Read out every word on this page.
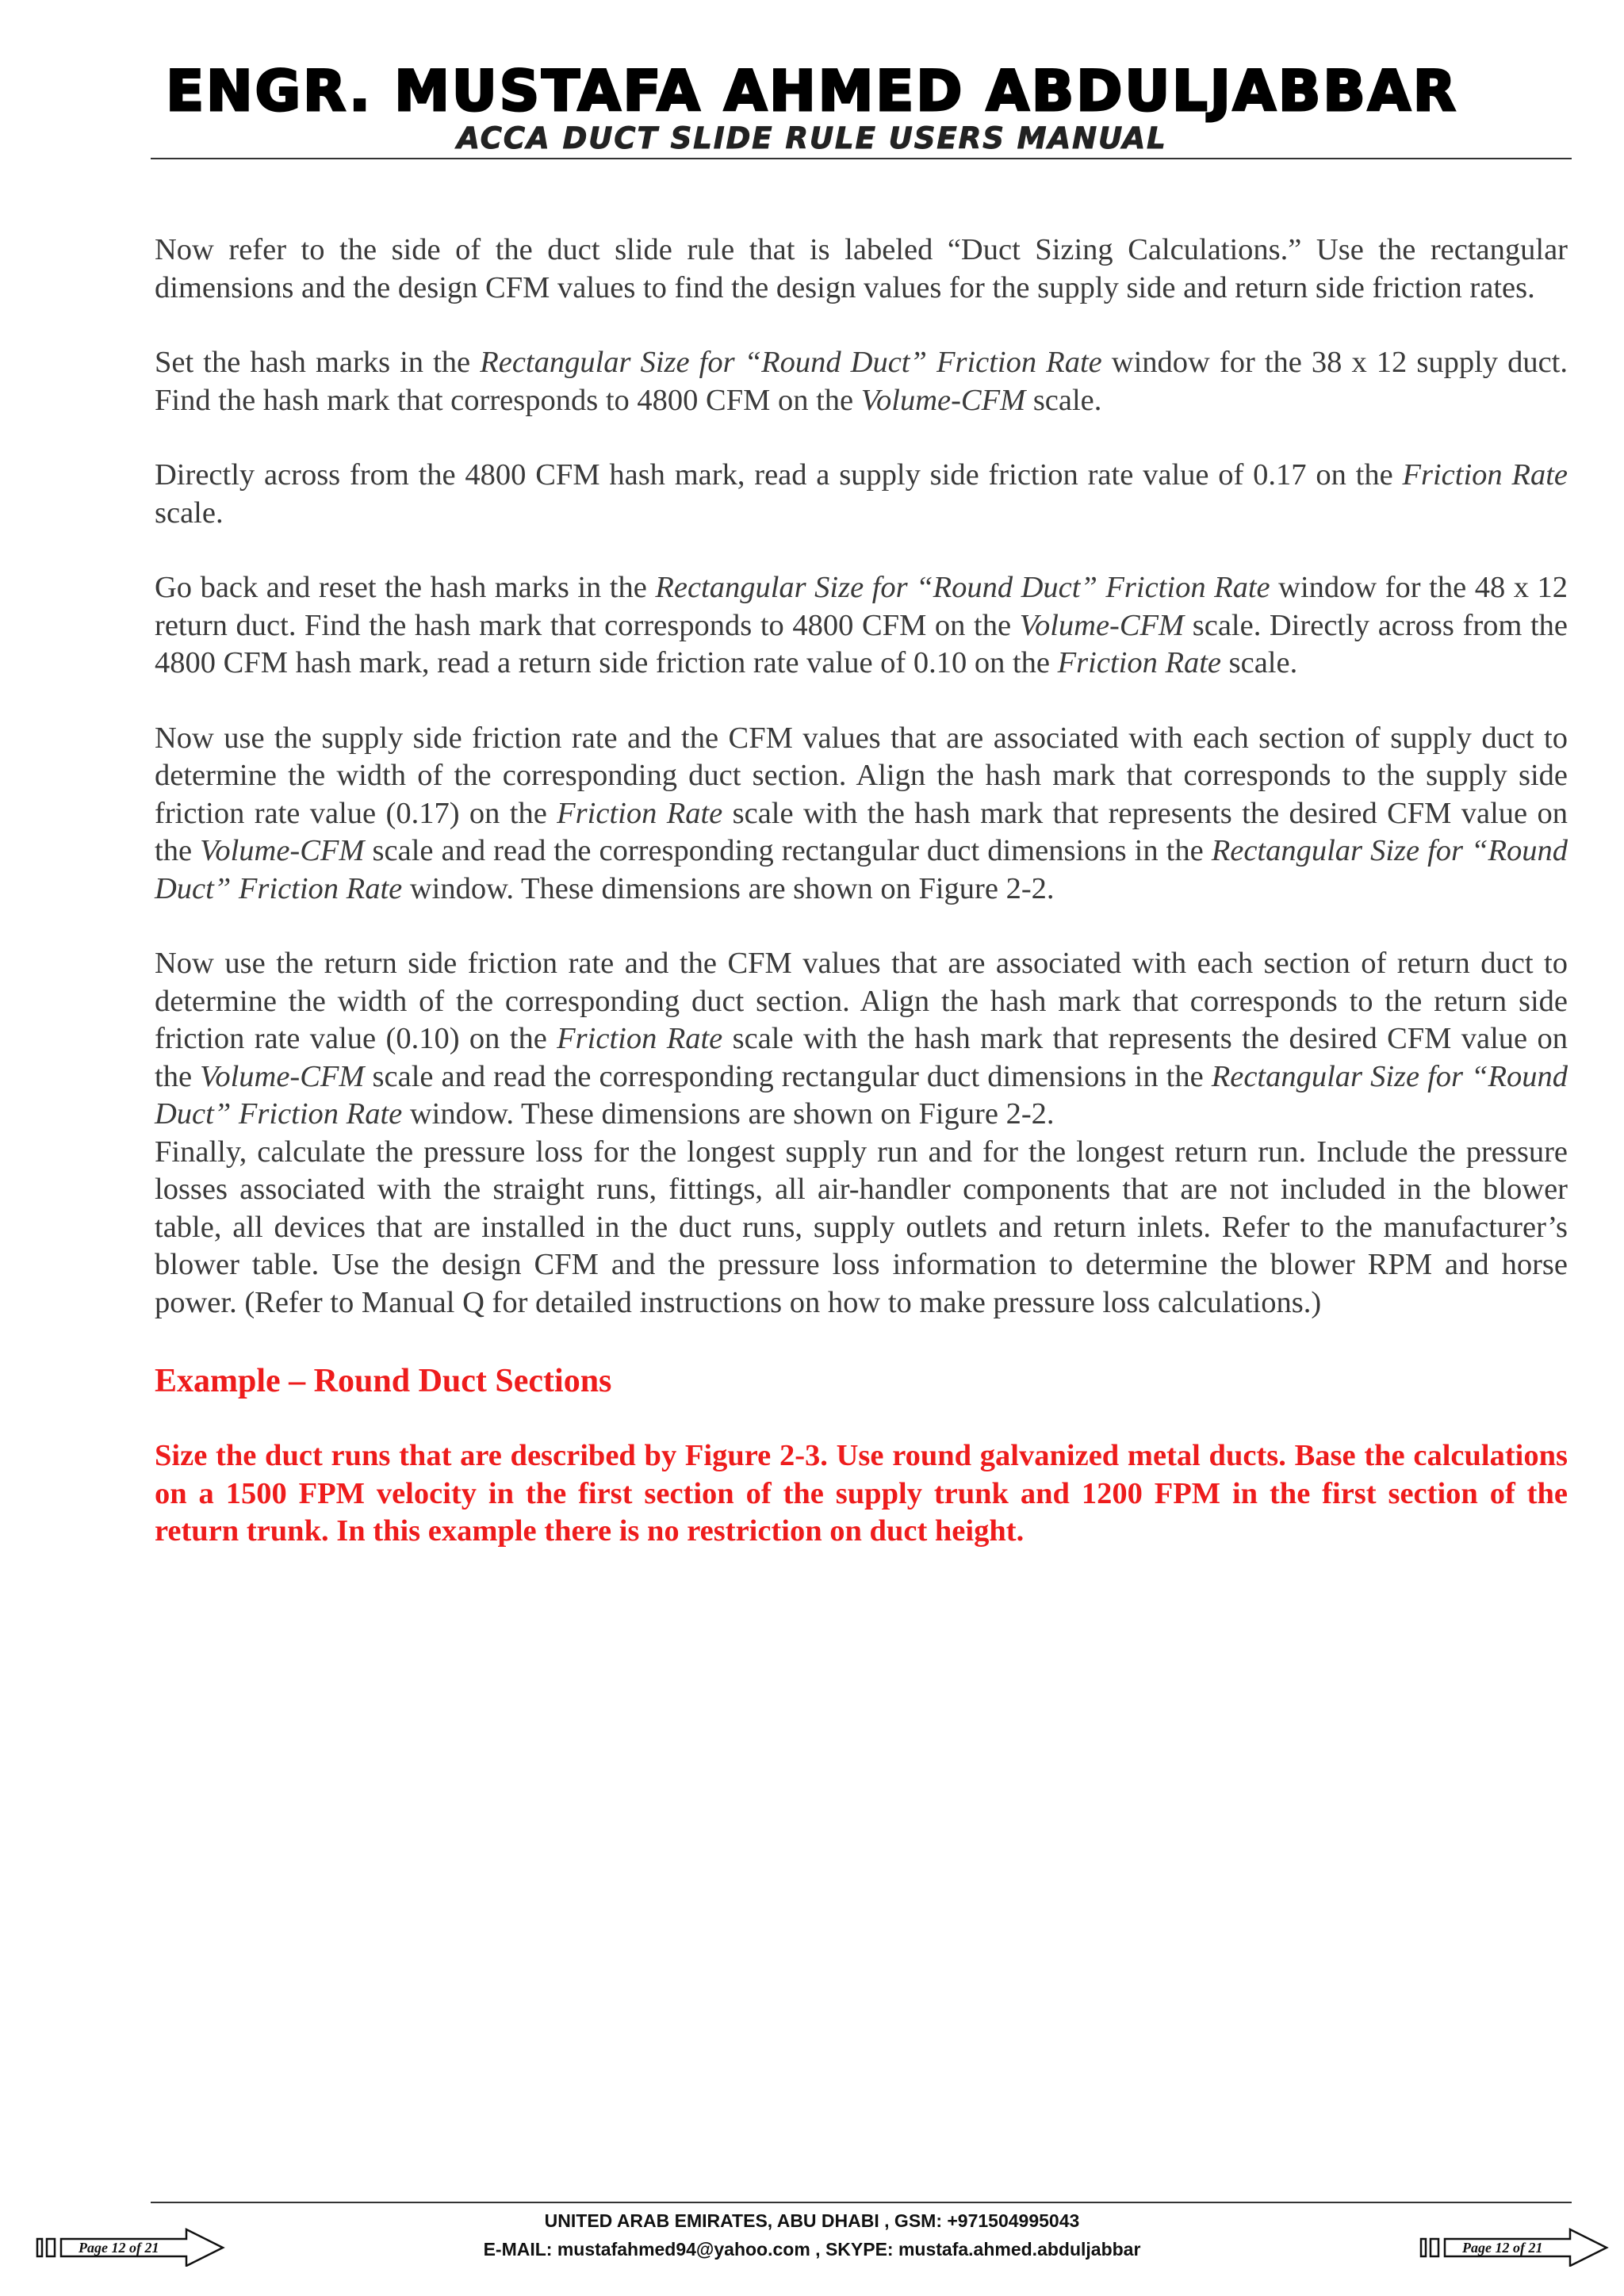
ENGR. MUSTAFA AHMED ABDULJABBAR
ACCA DUCT SLIDE RULE USERS MANUAL

Now refer to the side of the duct slide rule that is labeled “Duct Sizing Calculations.” Use the rectangular dimensions and the design CFM values to find the design values for the supply side and return side friction rates.

Set the hash marks in the Rectangular Size for “Round Duct” Friction Rate window for the 38 x 12 supply duct. Find the hash mark that corresponds to 4800 CFM on the Volume-CFM scale.

Directly across from the 4800 CFM hash mark, read a supply side friction rate value of 0.17 on the Friction Rate scale.

Go back and reset the hash marks in the Rectangular Size for “Round Duct” Friction Rate window for the 48 x 12 return duct. Find the hash mark that corresponds to 4800 CFM on the Volume-CFM scale. Directly across from the 4800 CFM hash mark, read a return side friction rate value of 0.10 on the Friction Rate scale.

Now use the supply side friction rate and the CFM values that are associated with each section of supply duct to determine the width of the corresponding duct section. Align the hash mark that corresponds to the supply side friction rate value (0.17) on the Friction Rate scale with the hash mark that represents the desired CFM value on the Volume-CFM scale and read the corresponding rectangular duct dimensions in the Rectangular Size for “Round Duct” Friction Rate window. These dimensions are shown on Figure 2-2.

Now use the return side friction rate and the CFM values that are associated with each section of return duct to determine the width of the corresponding duct section. Align the hash mark that corresponds to the return side friction rate value (0.10) on the Friction Rate scale with the hash mark that represents the desired CFM value on the Volume-CFM scale and read the corresponding rectangular duct dimensions in the Rectangular Size for “Round Duct” Friction Rate window. These dimensions are shown on Figure 2-2.

Finally, calculate the pressure loss for the longest supply run and for the longest return run. Include the pressure losses associated with the straight runs, fittings, all air-handler components that are not included in the blower table, all devices that are installed in the duct runs, supply outlets and return inlets. Refer to the manufacturer’s blower table. Use the design CFM and the pressure loss information to determine the blower RPM and horse power. (Refer to Manual Q for detailed instructions on how to make pressure loss calculations.)

Example – Round Duct Sections

Size the duct runs that are described by Figure 2-3. Use round galvanized metal ducts. Base the calculations on a 1500 FPM velocity in the first section of the supply trunk and 1200 FPM in the first section of the return trunk. In this example there is no restriction on duct height.

UNITED ARAB EMIRATES, ABU DHABI , GSM: +971504995043
E-MAIL: mustafahmed94@yahoo.com , SKYPE: mustafa.ahmed.abduljabbar
Page 12 of 21	Page 12 of 21
